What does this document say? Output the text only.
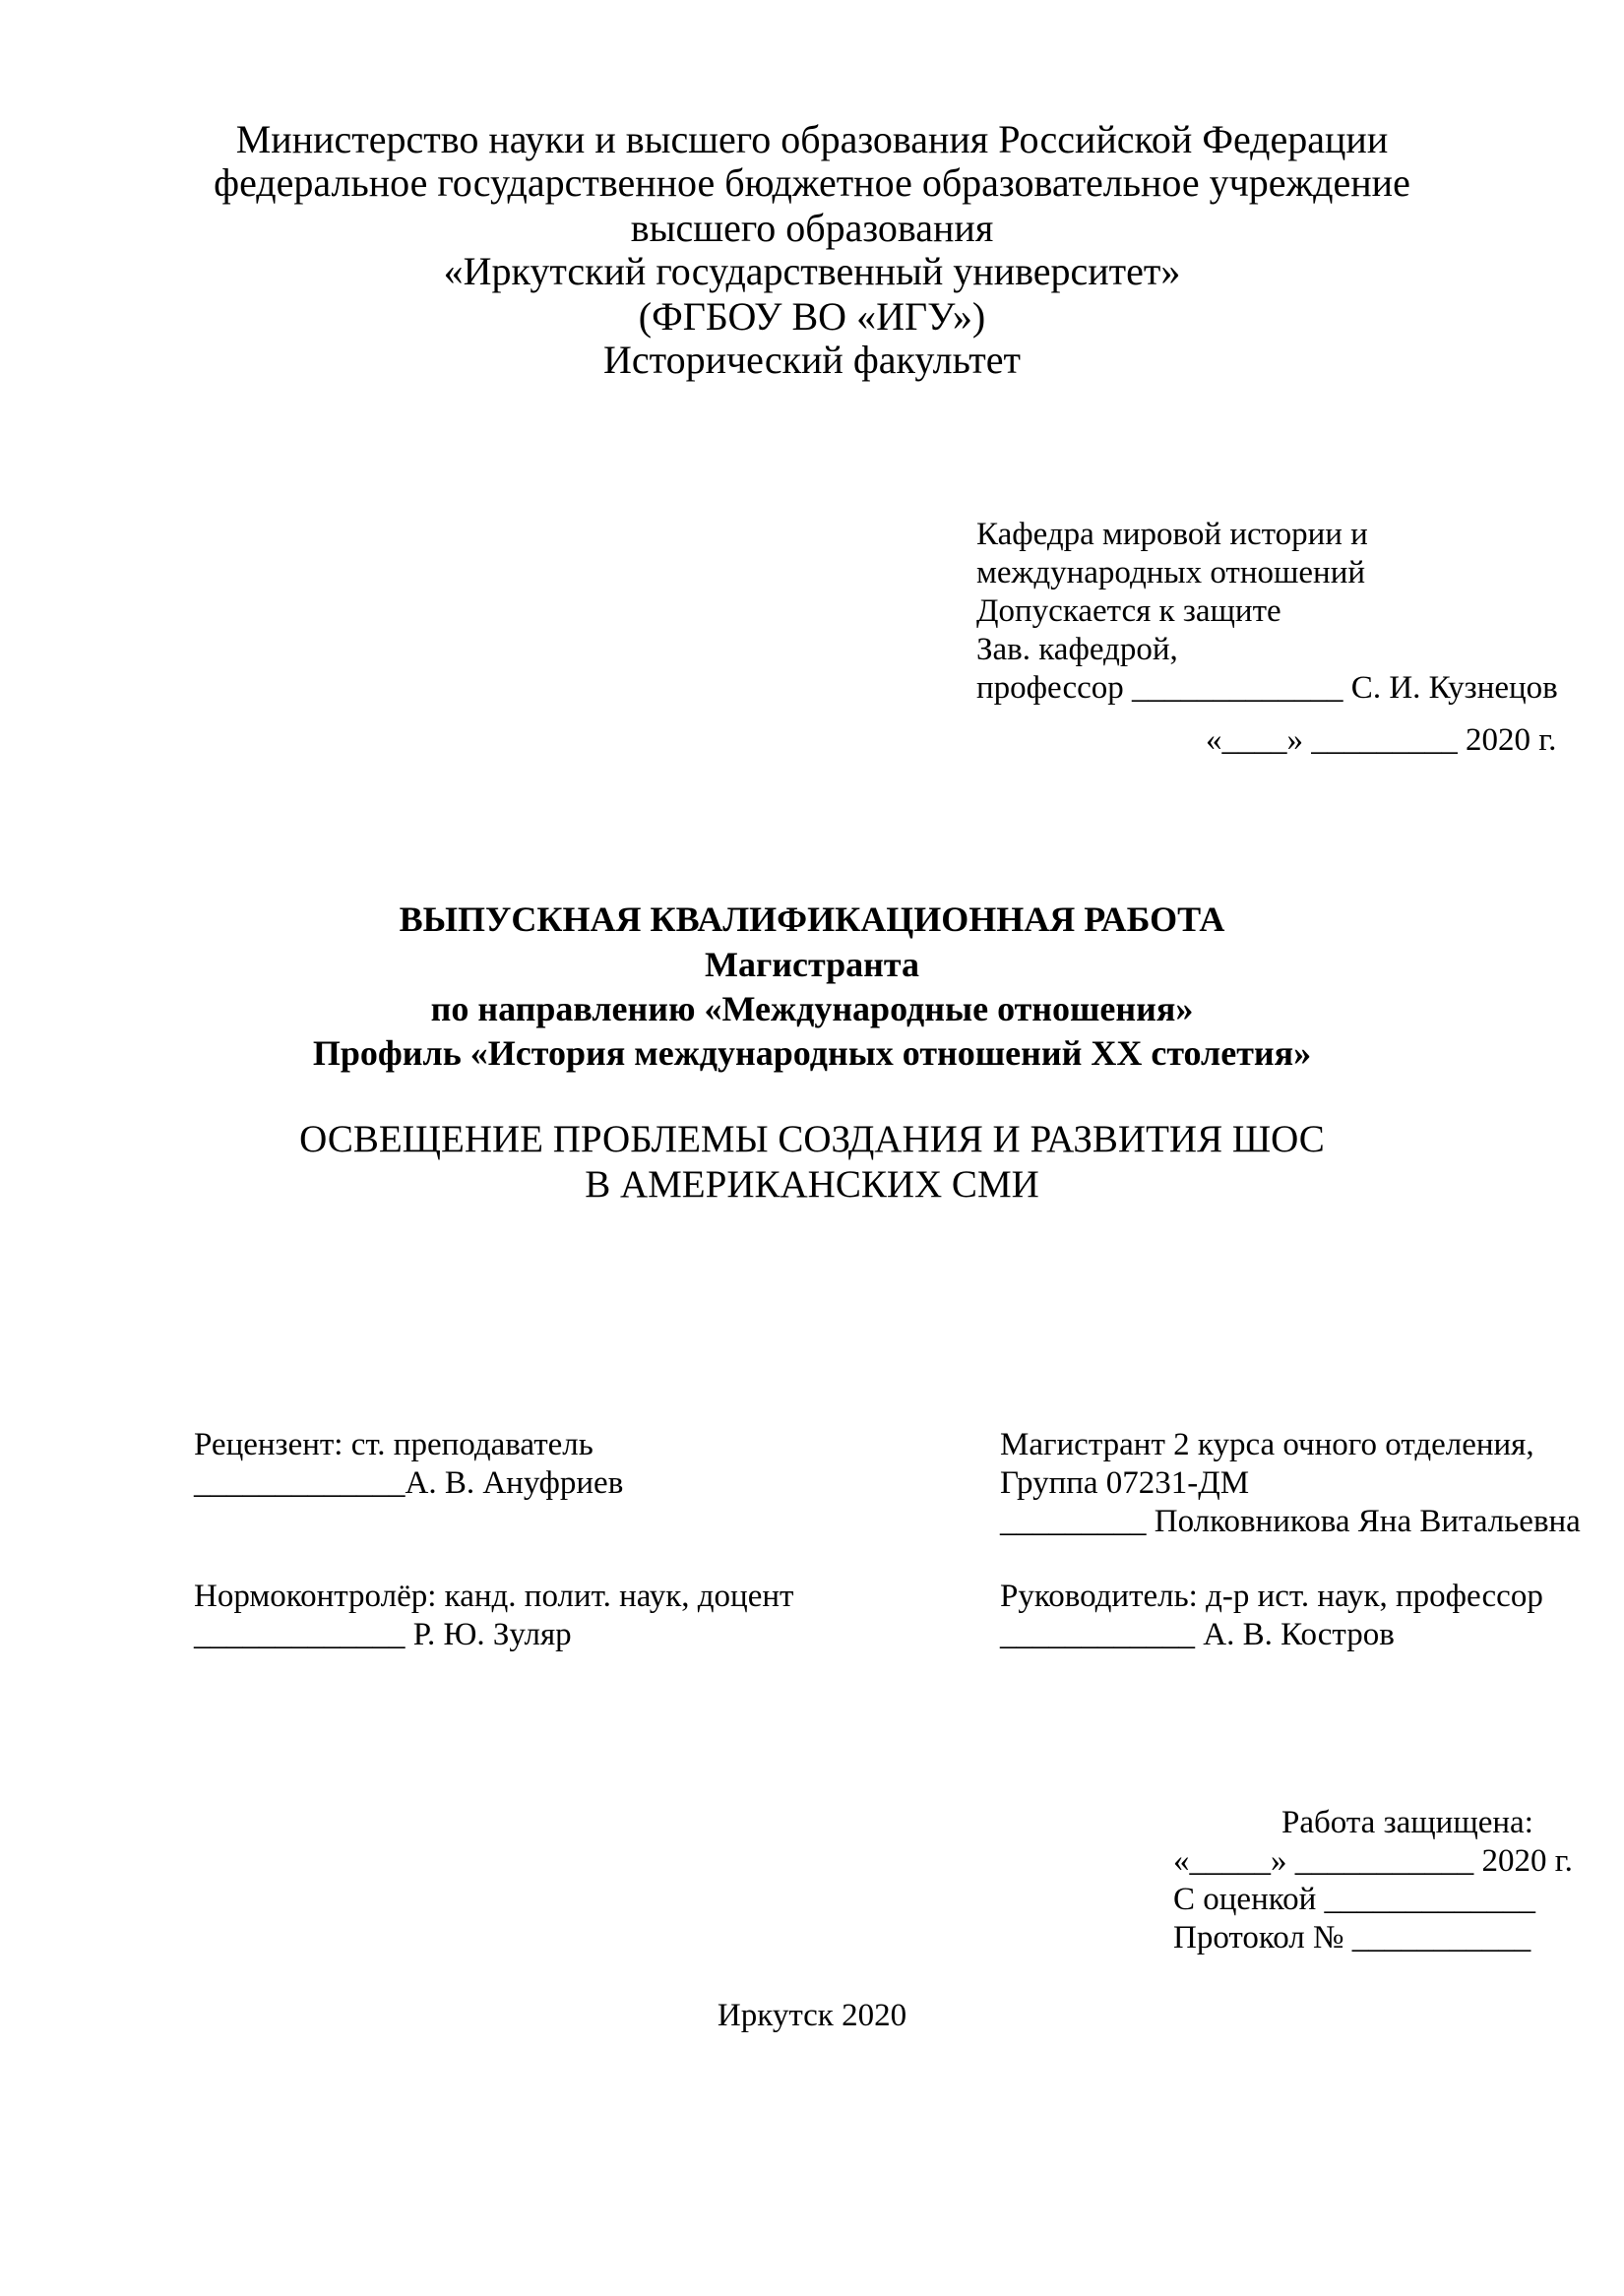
Министерство науки и высшего образования Российской Федерации
федеральное государственное бюджетное образовательное учреждение
высшего образования
«Иркутский государственный университет»
(ФГБОУ ВО «ИГУ»)
Исторический факультет
Кафедра мировой истории и
международных отношений
Допускается к защите
Зав. кафедрой,
профессор _____________ С. И. Кузнецов
«____» _________ 2020 г.
ВЫПУСКНАЯ КВАЛИФИКАЦИОННАЯ РАБОТА
Магистранта
по направлению «Международные отношения»
Профиль «История международных отношений XX столетия»
ОСВЕЩЕНИЕ ПРОБЛЕМЫ СОЗДАНИЯ И РАЗВИТИЯ ШОС
В АМЕРИКАНСКИХ СМИ
Рецензент: ст. преподаватель
_____________А. В. Ануфриев
Нормоконтролёр: канд. полит. наук, доцент
_____________ Р. Ю. Зуляр
Магистрант 2 курса очного отделения,
Группа 07231-ДМ
_________ Полковникова Яна Витальевна
Руководитель: д-р ист. наук, профессор
____________ А. В. Костров
Работа защищена:
«_____» ___________ 2020 г.
С оценкой _____________
Протокол № ___________
Иркутск 2020
